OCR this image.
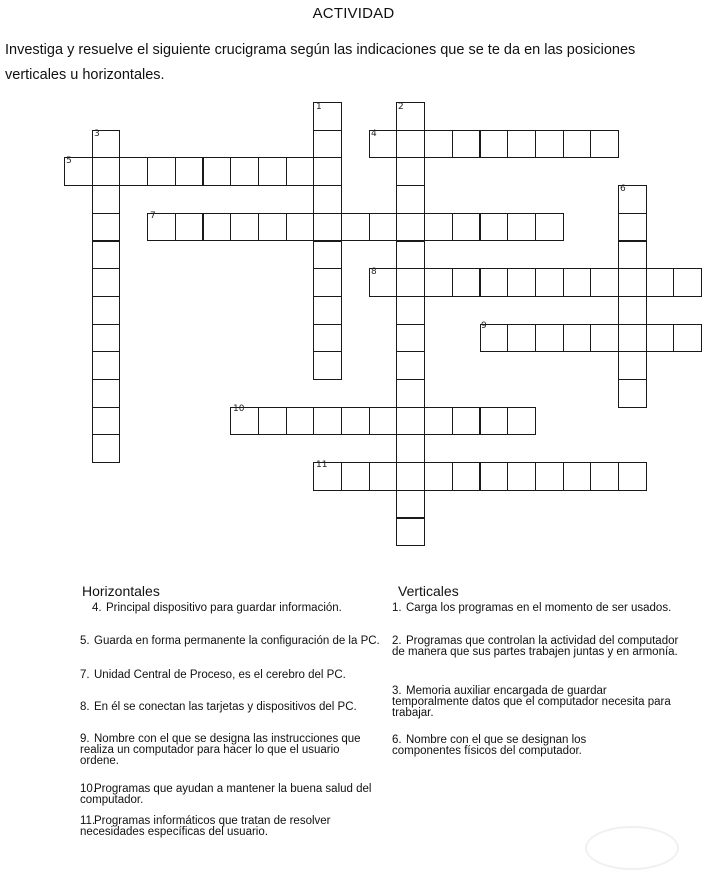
ACTIVIDAD
Investiga y resuelve el siguiente crucigrama según las indicaciones que se te da en las posiciones verticales u horizontales.
1	2
3	4
5
6
7
8
9
10
11
Horizontales
4. Principal dispositivo para guardar información.
5. Guarda en forma permanente la configuración de la PC.
7. Unidad Central de Proceso, es el cerebro del PC.
8. En él se conectan las tarjetas y dispositivos del PC.
9. Nombre con el que se designa las instrucciones que realiza un computador para hacer lo que el usuario ordene.
10.Programas que ayudan a mantener la buena salud del computador.
11.Programas informáticos que tratan de resolver necesidades específicas del usuario.
Verticales
1. Carga los programas en el momento de ser usados.
2. Programas que controlan la actividad del computador de manera que sus partes trabajen juntas y en armonía.
3. Memoria auxiliar encargada de guardar temporalmente datos que el computador necesita para trabajar.
6. Nombre con el que se designan los componentes físicos del computador.
